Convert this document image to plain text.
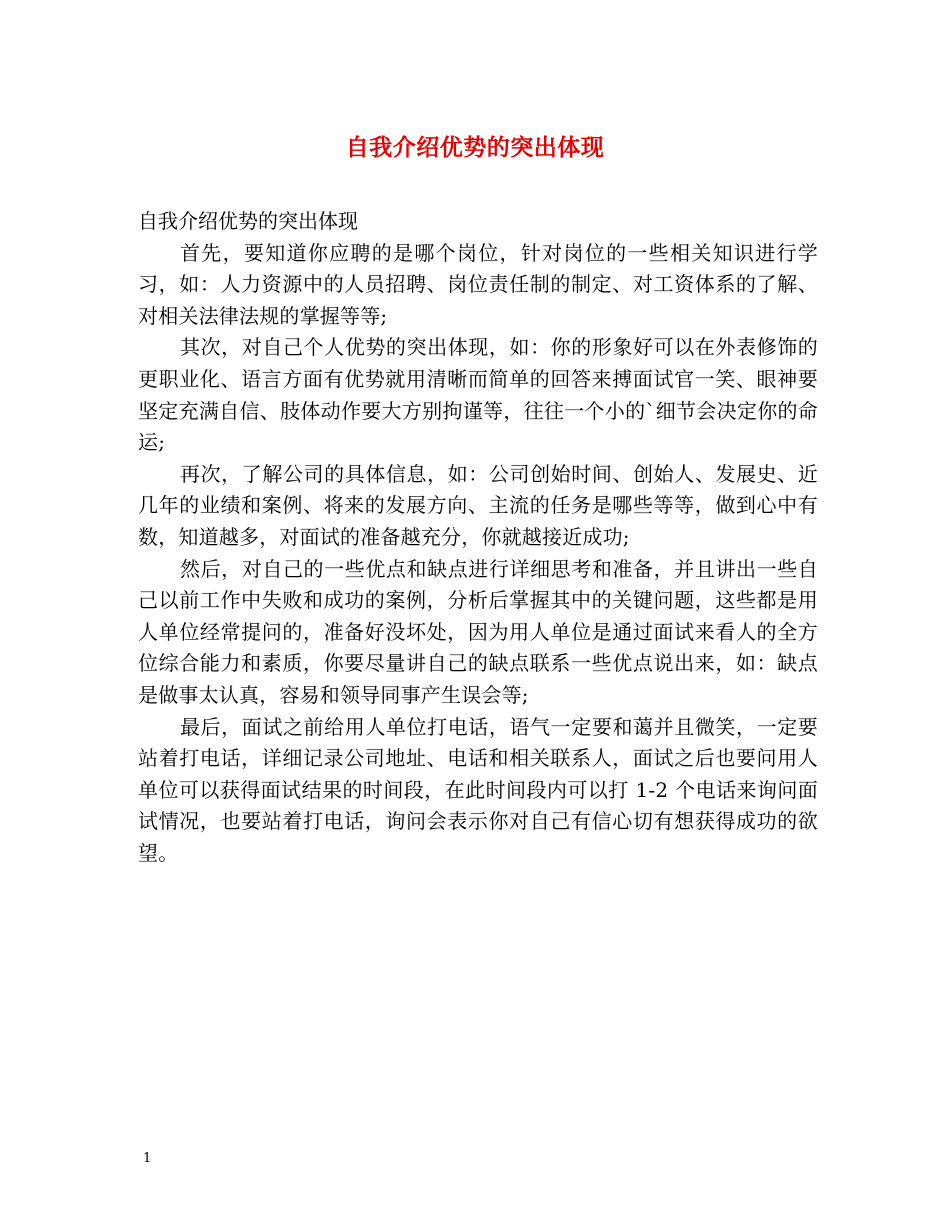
自我介绍优势的突出体现

自我介绍优势的突出体现

首先，要知道你应聘的是哪个岗位，针对岗位的一些相关知识进行学习，如：人力资源中的人员招聘、岗位责任制的制定、对工资体系的了解、对相关法律法规的掌握等等;

其次，对自己个人优势的突出体现，如：你的形象好可以在外表修饰的更职业化、语言方面有优势就用清晰而简单的回答来搏面试官一笑、眼神要坚定充满自信、肢体动作要大方别拘谨等，往往一个小的`细节会决定你的命运;

再次，了解公司的具体信息，如：公司创始时间、创始人、发展史、近几年的业绩和案例、将来的发展方向、主流的任务是哪些等等，做到心中有数，知道越多，对面试的准备越充分，你就越接近成功;

然后，对自己的一些优点和缺点进行详细思考和准备，并且讲出一些自己以前工作中失败和成功的案例，分析后掌握其中的关键问题，这些都是用人单位经常提问的，准备好没坏处，因为用人单位是通过面试来看人的全方位综合能力和素质，你要尽量讲自己的缺点联系一些优点说出来，如：缺点是做事太认真，容易和领导同事产生误会等;

最后，面试之前给用人单位打电话，语气一定要和蔼并且微笑，一定要站着打电话，详细记录公司地址、电话和相关联系人，面试之后也要问用人单位可以获得面试结果的时间段，在此时间段内可以打 1-2 个电话来询问面试情况，也要站着打电话，询问会表示你对自己有信心切有想获得成功的欲望。

1
